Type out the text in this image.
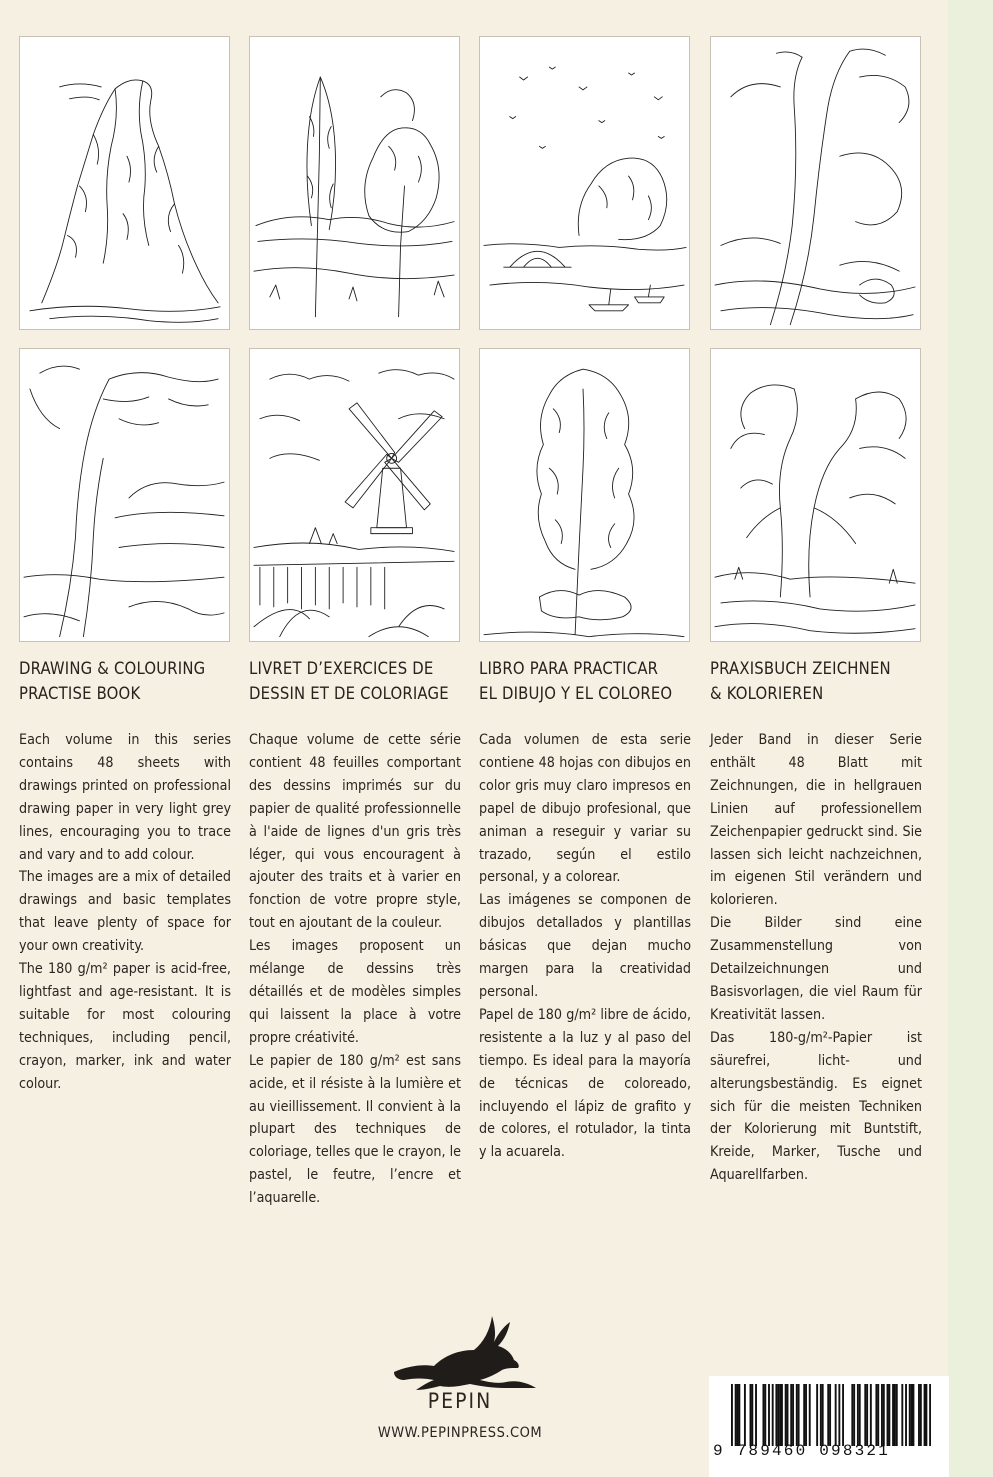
DRAWING & COLOURING
PRACTISE BOOK
LIVRET D’EXERCICES DE
DESSIN ET DE COLORIAGE
LIBRO PARA PRACTICAR
EL DIBUJO Y EL COLOREO
PRAXISBUCH ZEICHNEN
& KOLORIEREN

Each volume in this series contains 48 sheets with drawings printed on professional drawing paper in very light grey lines, encouraging you to trace and vary and to add colour.

The images are a mix of detailed drawings and basic templates that leave plenty of space for your own creativity.

The 180 g/m² paper is acid-free, lightfast and age-resistant. It is suitable for most colouring techniques, including pencil, crayon, marker, ink and water colour.

Chaque volume de cette série contient 48 feuilles comportant des dessins imprimés sur du papier de qualité professionnelle à l'aide de lignes d'un gris très léger, qui vous encouragent à ajouter des traits et à varier en fonction de votre propre style, tout en ajoutant de la couleur.

Les images proposent un mélange de dessins très détaillés et de modèles simples qui laissent la place à votre propre créativité.

Le papier de 180 g/m² est sans acide, et il résiste à la lumière et au vieillissement. Il convient à la plupart des techniques de coloriage, telles que le crayon, le pastel, le feutre, l’encre et l’aquarelle.

Cada volumen de esta serie contiene 48 hojas con dibujos en color gris muy claro impresos en papel de dibujo profesional, que animan a reseguir y variar su trazado, según el estilo personal, y a colorear.

Las imágenes se componen de dibujos detallados y plantillas básicas que dejan mucho margen para la creatividad personal.

Papel de 180 g/m² libre de ácido, resistente a la luz y al paso del tiempo. Es ideal para la mayoría de técnicas de coloreado, incluyendo el lápiz de grafito y de colores, el rotulador, la tinta y la acuarela.

Jeder Band in dieser Serie enthält 48 Blatt mit Zeichnungen, die in hellgrauen Linien auf professionellem Zeichenpapier gedruckt sind. Sie lassen sich leicht nachzeichnen, im eigenen Stil verändern und kolorieren.

Die Bilder sind eine Zusammenstellung von Detailzeichnungen und Basisvorlagen, die viel Raum für Kreativität lassen.

Das 180-g/m²-Papier ist säurefrei, licht- und alterungsbeständig. Es eignet sich für die meisten Techniken der Kolorierung mit Buntstift, Kreide, Marker, Tusche und Aquarellfarben.

PEPIN
WWW.PEPINPRESS.COM
9 789460 098321
